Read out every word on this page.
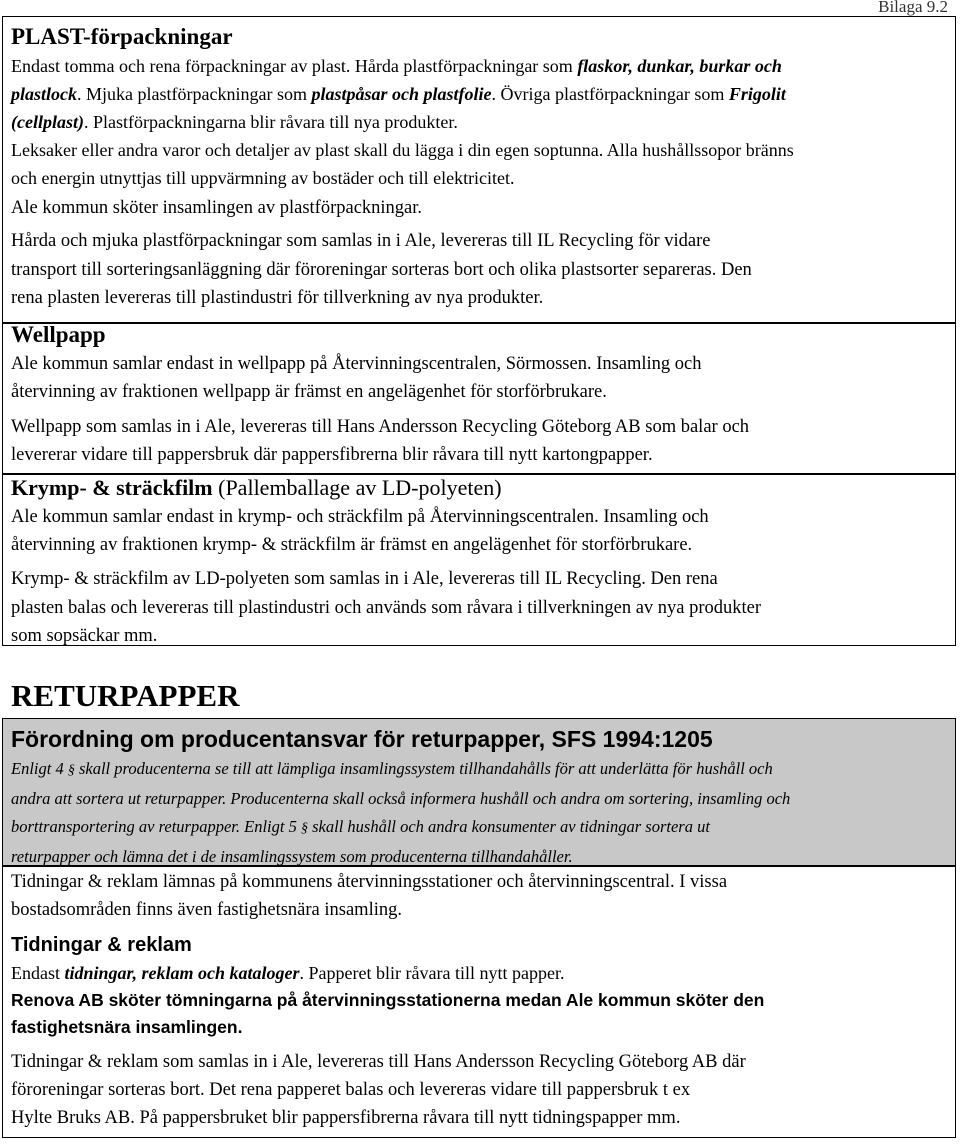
Bilaga 9.2
PLAST-förpackningar
Endast tomma och rena förpackningar av plast. Hårda plastförpackningar som flaskor, dunkar, burkar och
plastlock. Mjuka plastförpackningar som plastpåsar och plastfolie. Övriga plastförpackningar som Frigolit
(cellplast). Plastförpackningarna blir råvara till nya produkter.
Leksaker eller andra varor och detaljer av plast skall du lägga i din egen soptunna. Alla hushållssopor bränns
och energin utnyttjas till uppvärmning av bostäder och till elektricitet.
Ale kommun sköter insamlingen av plastförpackningar.
Hårda och mjuka plastförpackningar som samlas in i Ale, levereras till IL Recycling för vidare
transport till sorteringsanläggning där föroreningar sorteras bort och olika plastsorter separeras. Den
rena plasten levereras till plastindustri för tillverkning av nya produkter.
Wellpapp
Ale kommun samlar endast in wellpapp på Återvinningscentralen, Sörmossen. Insamling och
återvinning av fraktionen wellpapp är främst en angelägenhet för storförbrukare.
Wellpapp som samlas in i Ale, levereras till Hans Andersson Recycling Göteborg AB som balar och
levererar vidare till pappersbruk där pappersfibrerna blir råvara till nytt kartongpapper.
Krymp- & sträckfilm (Pallemballage av LD-polyeten)
Ale kommun samlar endast in krymp- och sträckfilm på Återvinningscentralen. Insamling och
återvinning av fraktionen krymp- & sträckfilm är främst en angelägenhet för storförbrukare.
Krymp- & sträckfilm av LD-polyeten som samlas in i Ale, levereras till IL Recycling. Den rena
plasten balas och levereras till plastindustri och används som råvara i tillverkningen av nya produkter
som sopsäckar mm.
RETURPAPPER
Förordning om producentansvar för returpapper, SFS 1994:1205
Enligt 4 § skall producenterna se till att lämpliga insamlingssystem tillhandahålls för att underlätta för hushåll och
andra att sortera ut returpapper. Producenterna skall också informera hushåll och andra om sortering, insamling och
borttransportering av returpapper. Enligt 5 § skall hushåll och andra konsumenter av tidningar sortera ut
returpapper och lämna det i de insamlingssystem som producenterna tillhandahåller.
Tidningar & reklam lämnas på kommunens återvinningsstationer och återvinningscentral. I vissa
bostadsområden finns även fastighetsnära insamling.
Tidningar & reklam
Endast tidningar, reklam och kataloger. Papperet blir råvara till nytt papper.
Renova AB sköter tömningarna på återvinningsstationerna medan Ale kommun sköter den
fastighetsnära insamlingen.
Tidningar & reklam som samlas in i Ale, levereras till Hans Andersson Recycling Göteborg AB där
föroreningar sorteras bort. Det rena papperet balas och levereras vidare till pappersbruk t ex
Hylte Bruks AB. På pappersbruket blir pappersfibrerna råvara till nytt tidningspapper mm.
